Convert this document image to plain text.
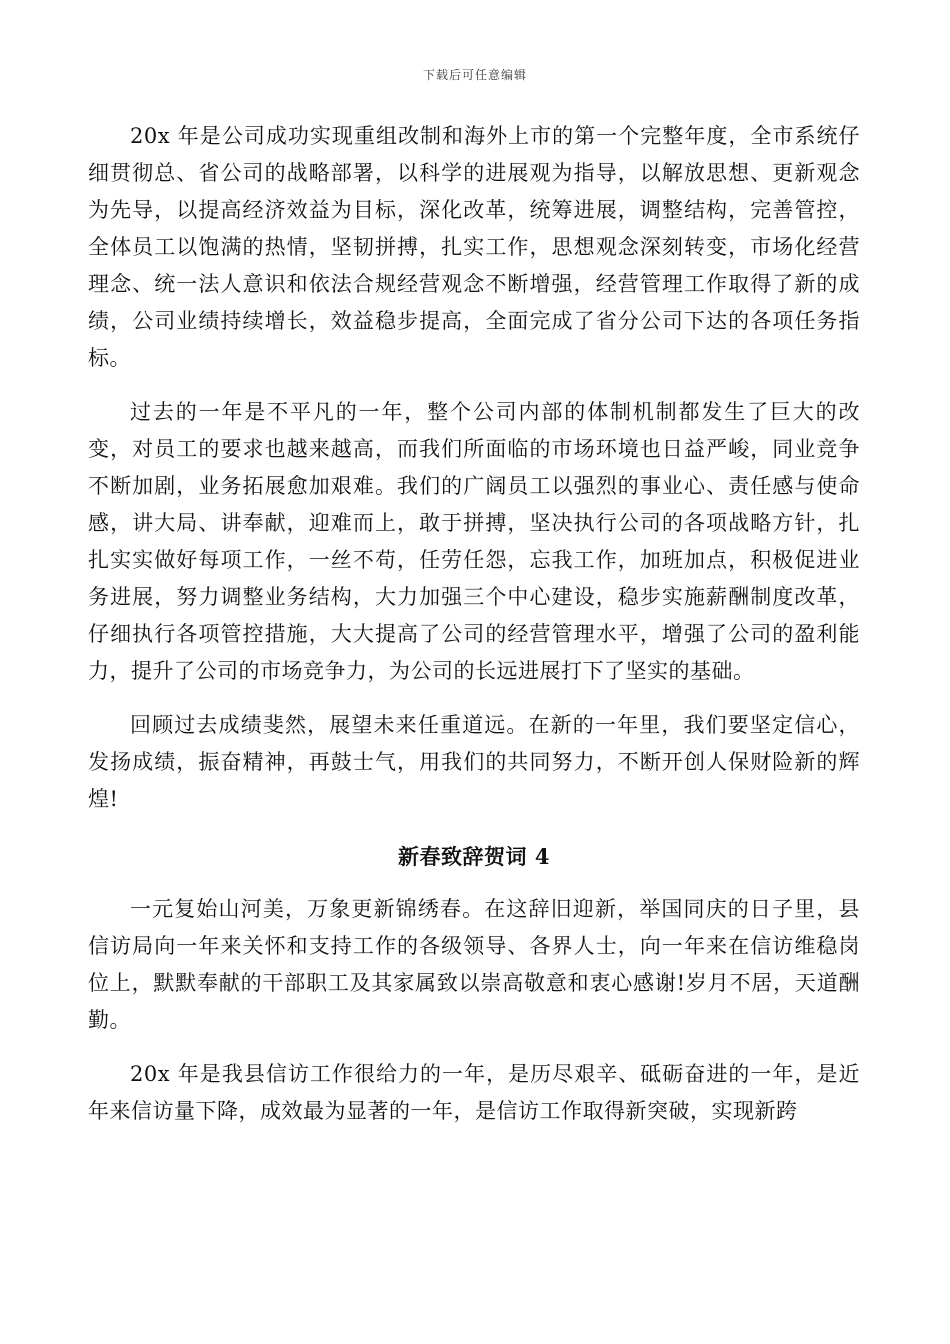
下载后可任意编辑

20x 年是公司成功实现重组改制和海外上市的第一个完整年度，全市系统仔细贯彻总、省公司的战略部署，以科学的进展观为指导，以解放思想、更新观念为先导，以提高经济效益为目标，深化改革，统筹进展，调整结构，完善管控，全体员工以饱满的热情，坚韧拼搏，扎实工作，思想观念深刻转变，市场化经营理念、统一法人意识和依法合规经营观念不断增强，经营管理工作取得了新的成绩，公司业绩持续增长，效益稳步提高，全面完成了省分公司下达的各项任务指标。

过去的一年是不平凡的一年，整个公司内部的体制机制都发生了巨大的改变，对员工的要求也越来越高，而我们所面临的市场环境也日益严峻，同业竞争不断加剧，业务拓展愈加艰难。我们的广阔员工以强烈的事业心、责任感与使命感，讲大局、讲奉献，迎难而上，敢于拼搏，坚决执行公司的各项战略方针，扎扎实实做好每项工作，一丝不苟，任劳任怨，忘我工作，加班加点，积极促进业务进展，努力调整业务结构，大力加强三个中心建设，稳步实施薪酬制度改革，仔细执行各项管控措施，大大提高了公司的经营管理水平，增强了公司的盈利能力，提升了公司的市场竞争力，为公司的长远进展打下了坚实的基础。

回顾过去成绩斐然，展望未来任重道远。在新的一年里，我们要坚定信心，发扬成绩，振奋精神，再鼓士气，用我们的共同努力，不断开创人保财险新的辉煌!

新春致辞贺词 4

一元复始山河美，万象更新锦绣春。在这辞旧迎新，举国同庆的日子里，县信访局向一年来关怀和支持工作的各级领导、各界人士，向一年来在信访维稳岗位上，默默奉献的干部职工及其家属致以崇高敬意和衷心感谢!岁月不居，天道酬勤。

20x 年是我县信访工作很给力的一年，是历尽艰辛、砥砺奋进的一年，是近年来信访量下降，成效最为显著的一年，是信访工作取得新突破，实现新跨
